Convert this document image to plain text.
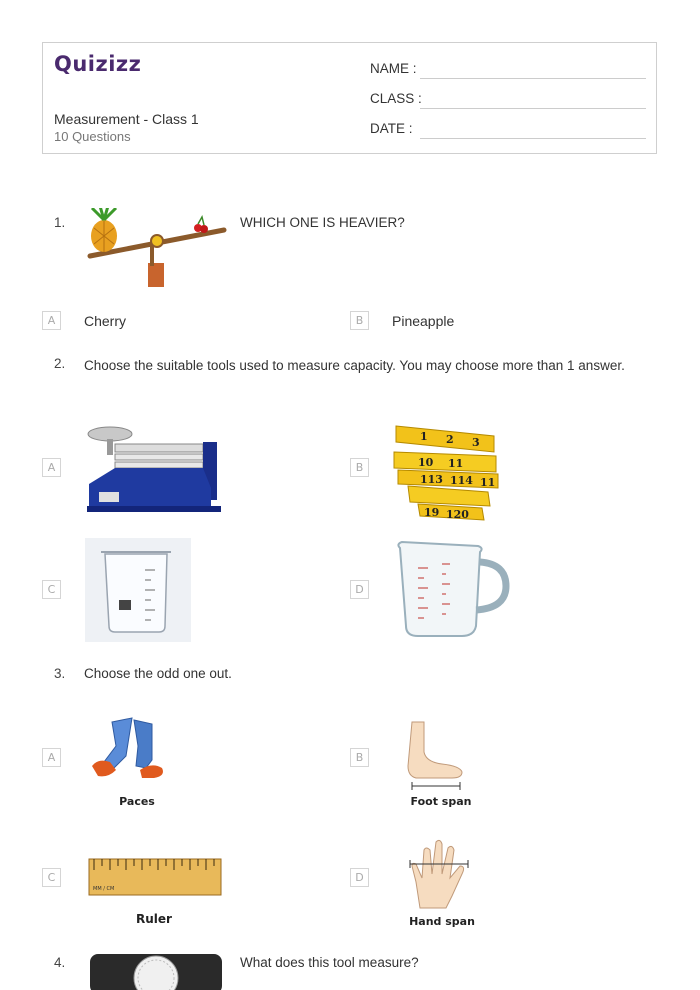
Quizizz
Measurement - Class 1
10 Questions
NAME :
CLASS :
DATE :
1.	WHICH ONE IS HEAVIER?
A	Cherry	B	Pineapple
2. Choose the suitable tools used to measure capacity. You may choose more than 1 answer.
A	B
1 2 3
10 11
113 114 11
19 120
C	D
3. Choose the odd one out.
A
Paces
B
Foot span
C
MM / CM
Ruler
D
Hand span
4.	What does this tool measure?
